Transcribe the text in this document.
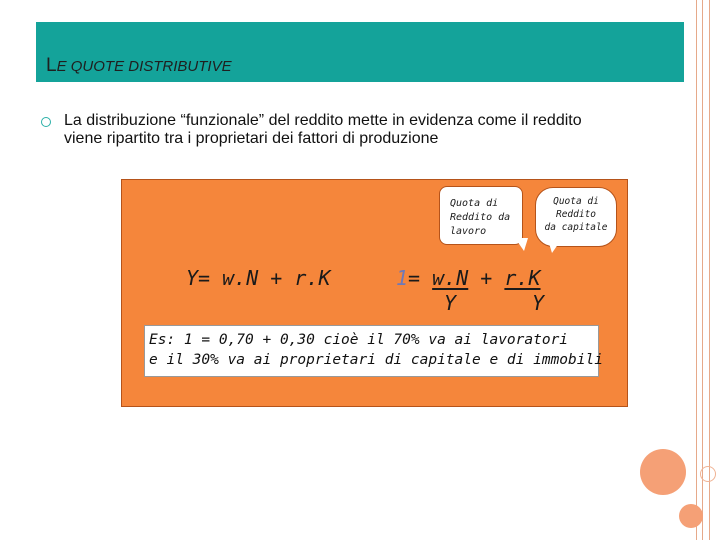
LE QUOTE DISTRIBUTIVE
La distribuzione “funzionale” del reddito mette in evidenza come il reddito
viene ripartito tra i proprietari dei fattori di produzione
Quota di
Reddito da
lavoro
Quota di
Reddito
da capitale
Y= w.N + r.K	1= w.N + r.K
Y	Y
Es: 1 = 0,70 + 0,30 cioè il 70% va ai lavoratori
e il 30% va ai proprietari di capitale e di immobili
